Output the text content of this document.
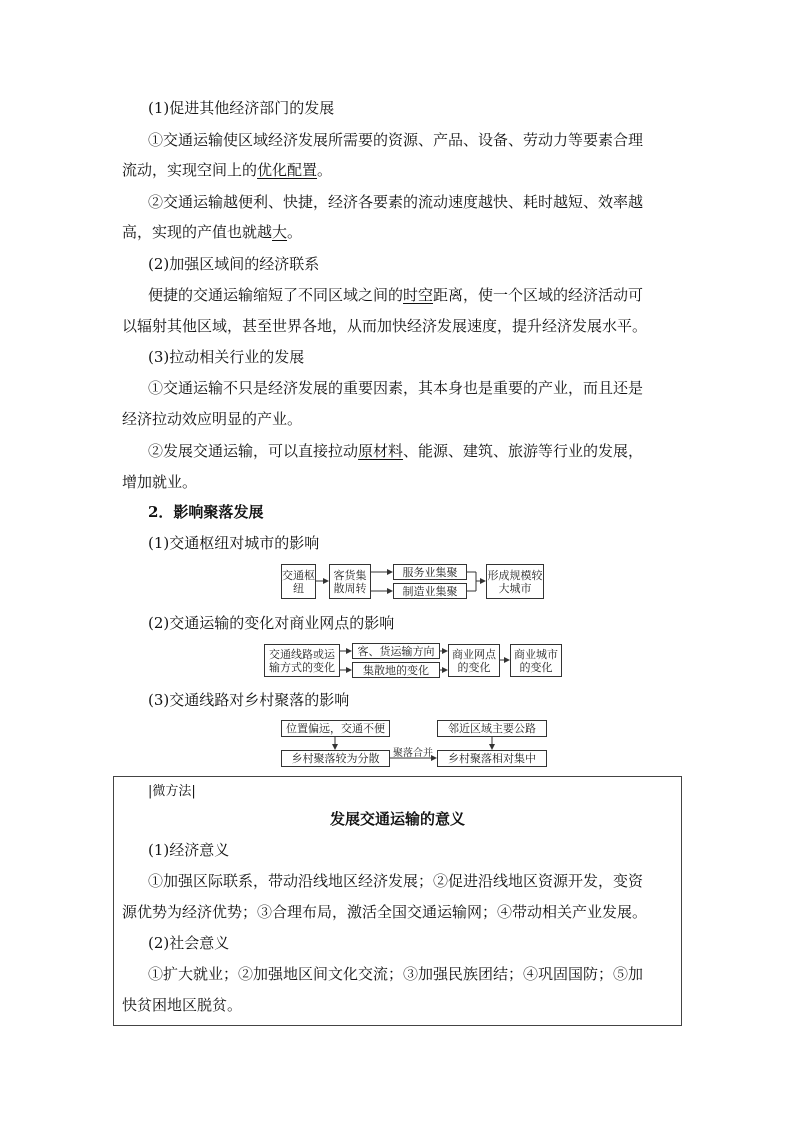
(1)促进其他经济部门的发展
①交通运输使区域经济发展所需要的资源、产品、设备、劳动力等要素合理
流动，实现空间上的优化配置。
②交通运输越便利、快捷，经济各要素的流动速度越快、耗时越短、效率越
高，实现的产值也就越大。
(2)加强区域间的经济联系
便捷的交通运输缩短了不同区域之间的时空距离，使一个区域的经济活动可
以辐射其他区域，甚至世界各地，从而加快经济发展速度，提升经济发展水平。
(3)拉动相关行业的发展
①交通运输不只是经济发展的重要因素，其本身也是重要的产业，而且还是
经济拉动效应明显的产业。
②发展交通运输，可以直接拉动原材料、能源、建筑、旅游等行业的发展，
增加就业。
2．影响聚落发展
(1)交通枢纽对城市的影响
交通枢纽
客货集散周转
服务业集聚
制造业集聚
形成规模较大城市
(2)交通运输的变化对商业网点的影响
交通线路或运输方式的变化
客、货运输方向
集散地的变化
商业网点的变化
商业城市的变化
(3)交通线路对乡村聚落的影响
位置偏远，交通不便
乡村聚落较为分散
邻近区域主要公路
乡村聚落相对集中
聚落合并
|微方法|
发展交通运输的意义
(1)经济意义
①加强区际联系，带动沿线地区经济发展；②促进沿线地区资源开发，变资
源优势为经济优势；③合理布局，激活全国交通运输网；④带动相关产业发展。
(2)社会意义
①扩大就业；②加强地区间文化交流；③加强民族团结；④巩固国防；⑤加
快贫困地区脱贫。
